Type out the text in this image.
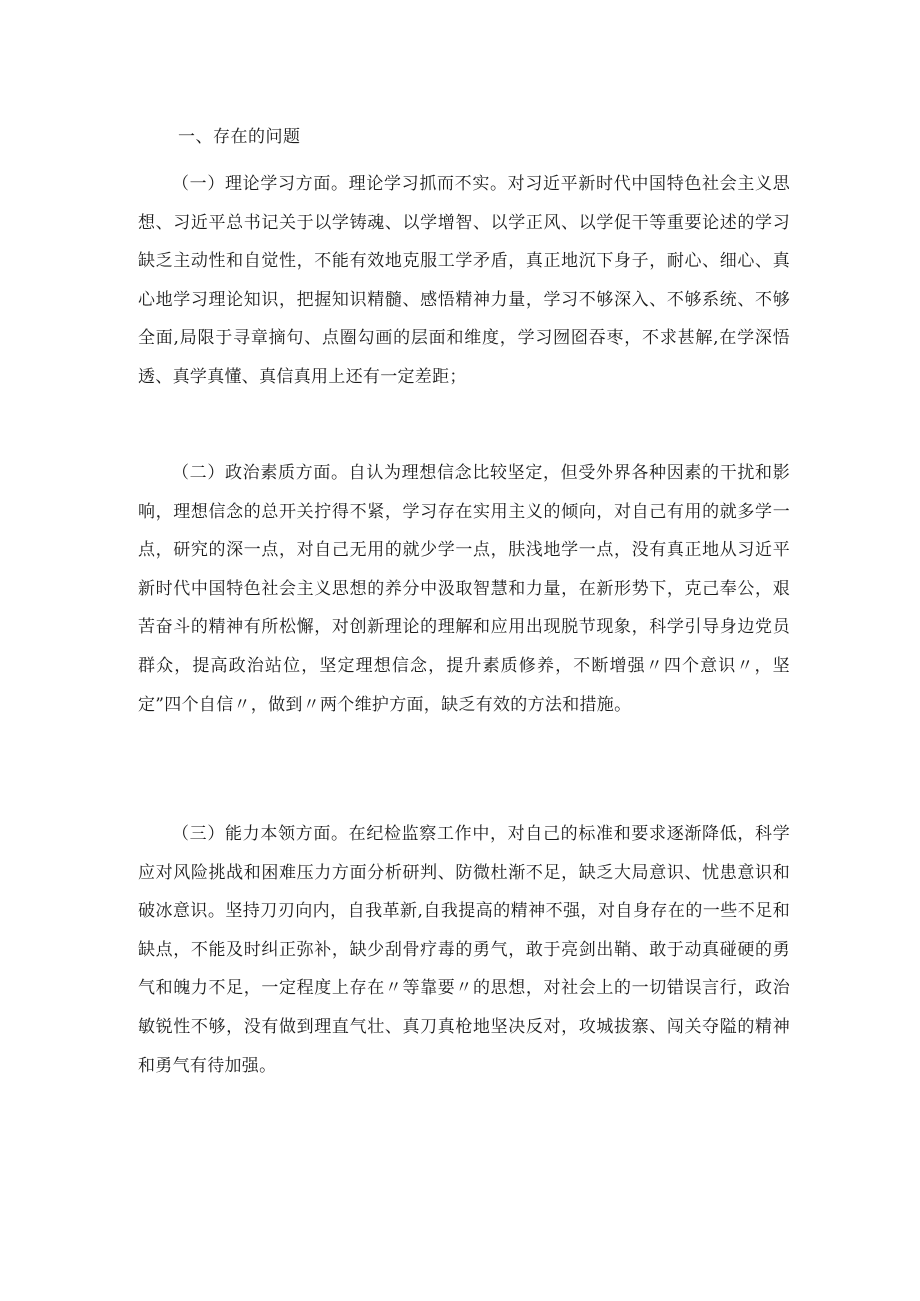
一、存在的问题

（一）理论学习方面。理论学习抓而不实。对习近平新时代中国特色社会主义思想、习近平总书记关于以学铸魂、以学增智、以学正风、以学促干等重要论述的学习缺乏主动性和自觉性，不能有效地克服工学矛盾，真正地沉下身子，耐心、细心、真心地学习理论知识，把握知识精髓、感悟精神力量，学习不够深入、不够系统、不够全面,局限于寻章摘句、点圈勾画的层面和维度，学习囫囵吞枣，不求甚解,在学深悟透、真学真懂、真信真用上还有一定差距；

（二）政治素质方面。自认为理想信念比较坚定，但受外界各种因素的干扰和影响，理想信念的总开关拧得不紧，学习存在实用主义的倾向，对自己有用的就多学一点，研究的深一点，对自己无用的就少学一点，肤浅地学一点，没有真正地从习近平新时代中国特色社会主义思想的养分中汲取智慧和力量，在新形势下，克己奉公，艰苦奋斗的精神有所松懈，对创新理论的理解和应用出现脱节现象，科学引导身边党员群众，提高政治站位，坚定理想信念，提升素质修养，不断增强〃四个意识〃，坚定”四个自信〃，做到〃两个维护方面，缺乏有效的方法和措施。

（三）能力本领方面。在纪检监察工作中，对自己的标准和要求逐渐降低，科学应对风险挑战和困难压力方面分析研判、防微杜渐不足，缺乏大局意识、忧患意识和破冰意识。坚持刀刃向内，自我革新,自我提高的精神不强，对自身存在的一些不足和缺点，不能及时纠正弥补，缺少刮骨疗毒的勇气，敢于亮剑出鞘、敢于动真碰硬的勇气和魄力不足，一定程度上存在〃等靠要〃的思想，对社会上的一切错误言行，政治敏锐性不够，没有做到理直气壮、真刀真枪地坚决反对，攻城拔寨、闯关夺隘的精神和勇气有待加强。
